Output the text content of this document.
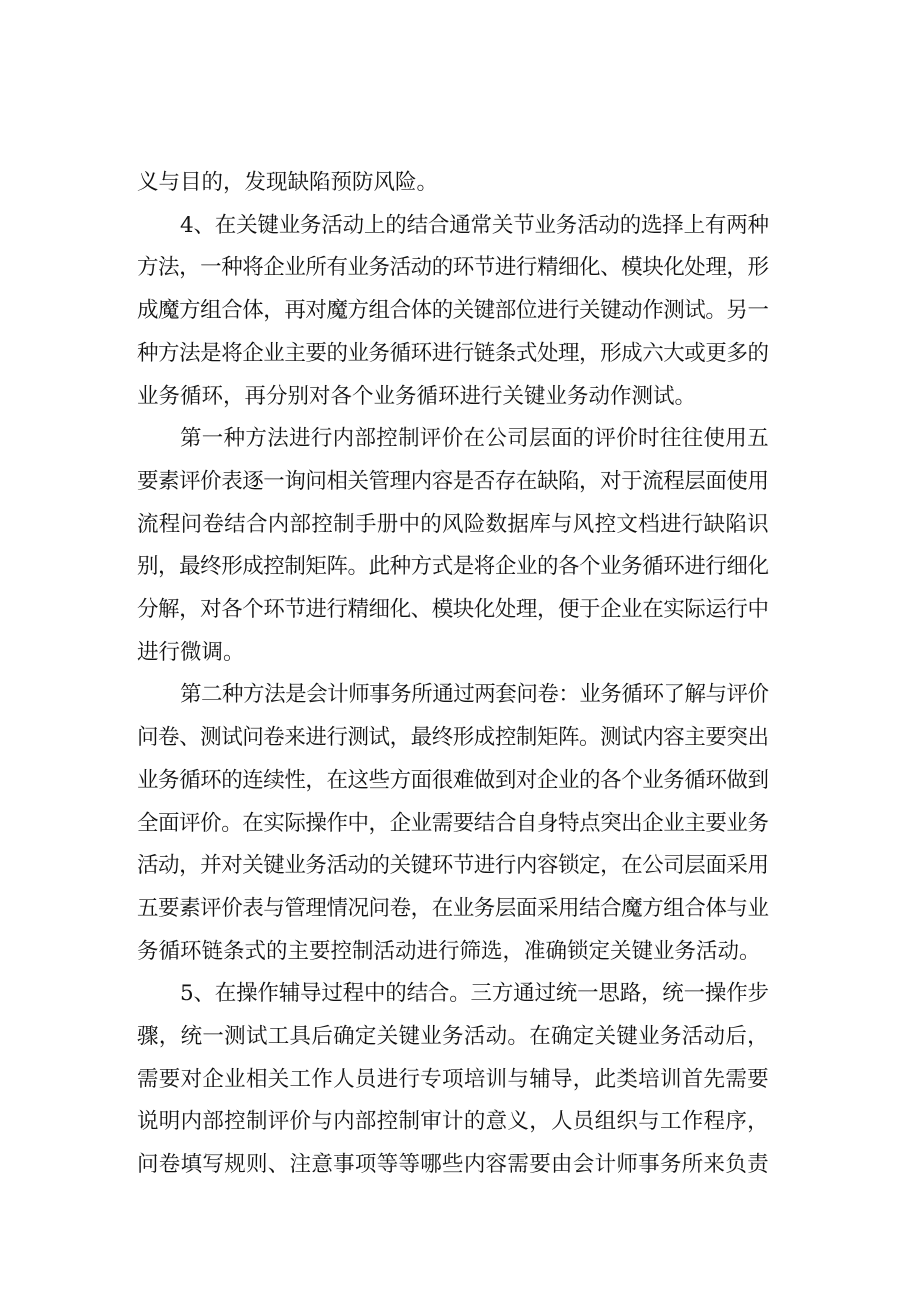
义与目的，发现缺陷预防风险。
4、在关键业务活动上的结合通常关节业务活动的选择上有两种
方法，一种将企业所有业务活动的环节进行精细化、模块化处理，形
成魔方组合体，再对魔方组合体的关键部位进行关键动作测试。另一
种方法是将企业主要的业务循环进行链条式处理，形成六大或更多的
业务循环，再分别对各个业务循环进行关键业务动作测试。
第一种方法进行内部控制评价在公司层面的评价时往往使用五
要素评价表逐一询问相关管理内容是否存在缺陷，对于流程层面使用
流程问卷结合内部控制手册中的风险数据库与风控文档进行缺陷识
别，最终形成控制矩阵。此种方式是将企业的各个业务循环进行细化
分解，对各个环节进行精细化、模块化处理，便于企业在实际运行中
进行微调。
第二种方法是会计师事务所通过两套问卷：业务循环了解与评价
问卷、测试问卷来进行测试，最终形成控制矩阵。测试内容主要突出
业务循环的连续性，在这些方面很难做到对企业的各个业务循环做到
全面评价。在实际操作中，企业需要结合自身特点突出企业主要业务
活动，并对关键业务活动的关键环节进行内容锁定，在公司层面采用
五要素评价表与管理情况问卷，在业务层面采用结合魔方组合体与业
务循环链条式的主要控制活动进行筛选，准确锁定关键业务活动。
5、在操作辅导过程中的结合。三方通过统一思路，统一操作步
骤，统一测试工具后确定关键业务活动。在确定关键业务活动后，
需要对企业相关工作人员进行专项培训与辅导，此类培训首先需要
说明内部控制评价与内部控制审计的意义，人员组织与工作程序，
问卷填写规则、注意事项等等哪些内容需要由会计师事务所来负责
